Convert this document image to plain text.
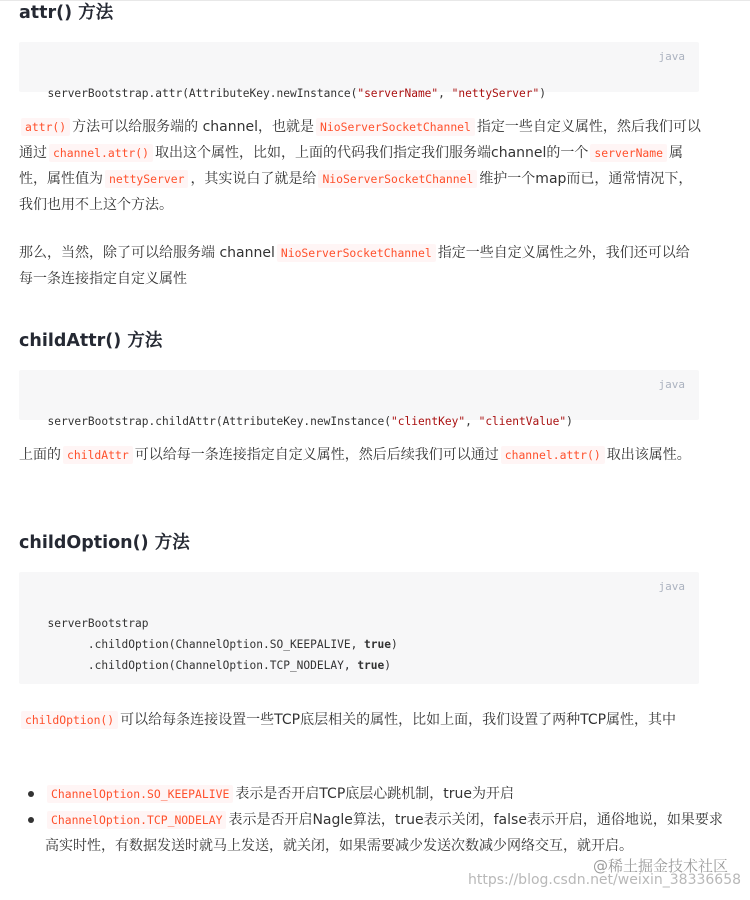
attr() 方法

java
serverBootstrap.attr(AttributeKey.newInstance("serverName", "nettyServer")

attr() 方法可以给服务端的 channel，也就是 NioServerSocketChannel 指定一些自定义属性，然后我们可以通过 channel.attr() 取出这个属性，比如，上面的代码我们指定我们服务端channel的一个 serverName 属性，属性值为 nettyServer ，其实说白了就是给 NioServerSocketChannel 维护一个map而已，通常情况下，我们也用不上这个方法。

那么，当然，除了可以给服务端 channel NioServerSocketChannel 指定一些自定义属性之外，我们还可以给每一条连接指定自定义属性

childAttr() 方法

java
serverBootstrap.childAttr(AttributeKey.newInstance("clientKey", "clientValue")

上面的 childAttr 可以给每一条连接指定自定义属性，然后后续我们可以通过 channel.attr() 取出该属性。

childOption() 方法

java
serverBootstrap
.childOption(ChannelOption.SO_KEEPALIVE, true)
.childOption(ChannelOption.TCP_NODELAY, true)

childOption() 可以给每条连接设置一些TCP底层相关的属性，比如上面，我们设置了两种TCP属性，其中

ChannelOption.SO_KEEPALIVE 表示是否开启TCP底层心跳机制，true为开启
ChannelOption.TCP_NODELAY 表示是否开启Nagle算法，true表示关闭，false表示开启，通俗地说，如果要求高实时性，有数据发送时就马上发送，就关闭，如果需要减少发送次数减少网络交互，就开启。
https://blog.csdn.net/weixin_38336658
@稀土掘金技术社区
